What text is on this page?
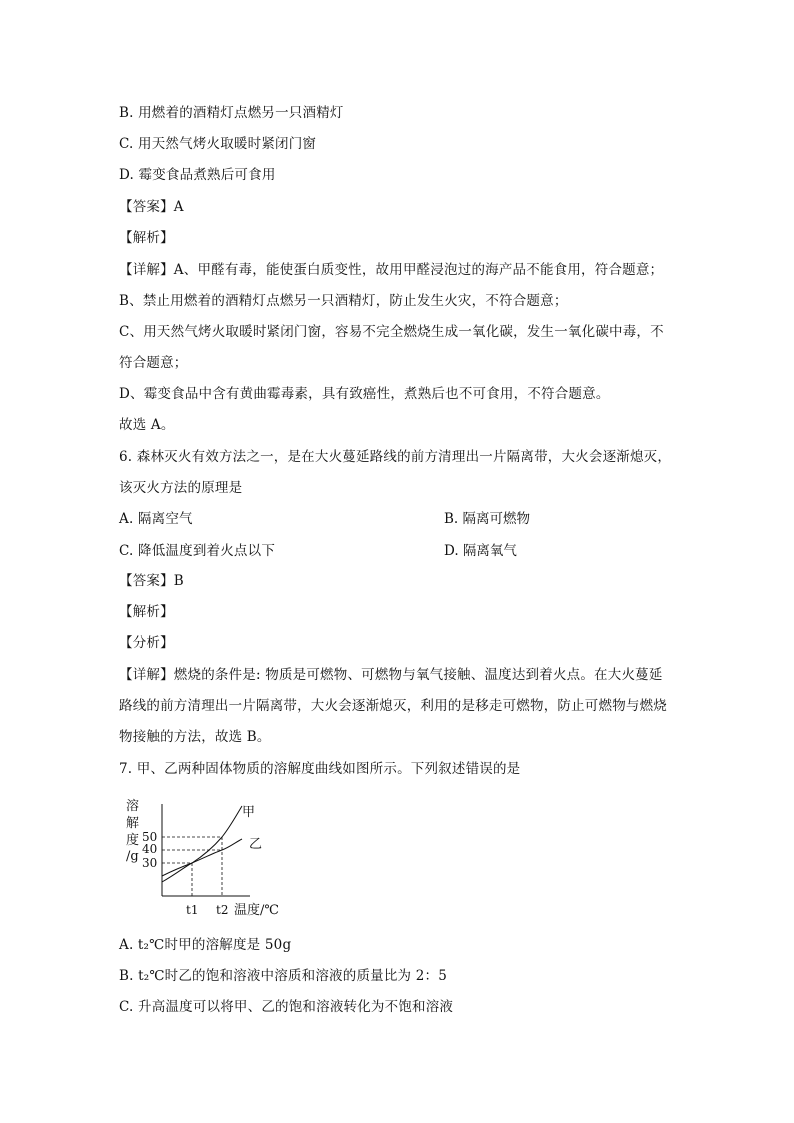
B. 用燃着的酒精灯点燃另一只酒精灯
C. 用天然气烤火取暖时紧闭门窗
D. 霉变食品煮熟后可食用
【答案】A
【解析】
【详解】A、甲醛有毒，能使蛋白质变性，故用甲醛浸泡过的海产品不能食用，符合题意；
B、禁止用燃着的酒精灯点燃另一只酒精灯，防止发生火灾，不符合题意；
C、用天然气烤火取暖时紧闭门窗，容易不完全燃烧生成一氧化碳，发生一氧化碳中毒，不
符合题意；
D、霉变食品中含有黄曲霉毒素，具有致癌性，煮熟后也不可食用，不符合题意。
故选 A。
6. 森林灭火有效方法之一，是在大火蔓延路线的前方清理出一片隔离带，大火会逐渐熄灭，
该灭火方法的原理是
A. 隔离空气	B. 隔离可燃物
C. 降低温度到着火点以下	D. 隔离氧气
【答案】B
【解析】
【分析】
【详解】燃烧的条件是: 物质是可燃物、可燃物与氧气接触、温度达到着火点。在大火蔓延
路线的前方清理出一片隔离带，大火会逐渐熄灭，利用的是移走可燃物，防止可燃物与燃烧
物接触的方法，故选 B。
7. 甲、乙两种固体物质的溶解度曲线如图所示。下列叙述错误的是
溶
解
度
/g
50
40
30
甲
乙
t1 t2 温度/℃
A. t₂℃时甲的溶解度是 50g
B. t₂℃时乙的饱和溶液中溶质和溶液的质量比为 2：5
C. 升高温度可以将甲、乙的饱和溶液转化为不饱和溶液
